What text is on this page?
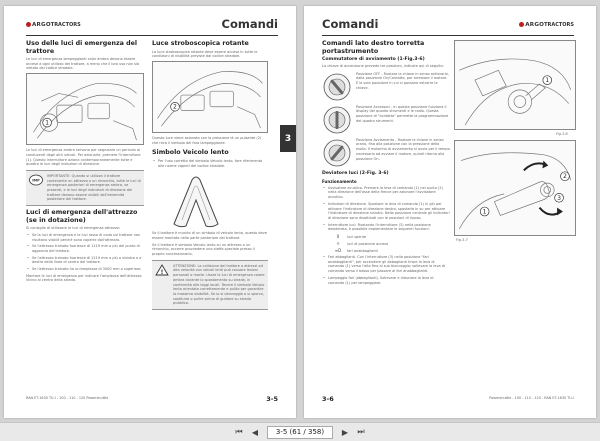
ARGOTRACTORS	Comandi
Uso delle luci di emergenza del trattore

Le luci di emergenza lampeggianti color ambra devono essere accese a ogni utilizzo del trattore, a meno che il loro uso non sia vietato dal codice stradale.

1

Le luci di emergenza ambra servono per segnalare un pericolo ai conducenti degli altri veicoli. Per azionarle, premere l'interruttore (1). Questo interruttore aziona contemporaneamente tutte e quattro le luci degli indicatori di direzione.

IMP

IMPORTANTE: Quando si utilizza il trattore contenente un attrezzo o un rimorchio, tutte le luci di emergenza posteriori di emergenza ambra, se presenti, e le luci degli indicatori di direzione del trattore devono essere visibili dall'estremità posteriore del trattore.

Luci di emergenza dell'attrezzo (se in dotazione)

Si consiglia di utilizzare le luci di emergenza attrezzo:

• Se la luci di emergenza e le luci rossa di coda sul trattore non risultano visibili perché sono coperte dall'attrezzo.
• Se l'attrezzo trainato fuoriesce di 1219 mm o più dal punto di aggancio del trattore.
• Se l'attrezzo trainato fuoriesce di 1219 mm o più a sinistra o a destra della linea di centro del trattore.
• Se l'attrezzo trainato ha un'ampiezza di 3000 mm o superiore.

Montare le luci di emergenza per indicare l'ampiezza dell'attrezzo. Vicino al centro della strada.

Luce stroboscopica rotante

La luce stroboscopica rotante deve essere accesa in tutte le condizioni di visibilità previste dal codice stradale.

2

Questa luce viene azionata con la pressione di un pulsante (2) che reca il simbolo del faro lampeggiante.

Simbolo Veicolo lento
• Per l'uso corretto del simbolo Veicolo lento, fare riferimento alle norme vigenti del codice stradale.

Se il trattore è munito di un simbolo di veicolo lento, questo deve essere montato nella parte posteriore del trattore.

Se il trattore è simbolo Veicolo lento su un attrezzo o un rimorchio, occorre provvedere una staffa speciale presso il proprio concessionario.

!

ATTENZIONE: La collisione del trattore o attrezzi ad alta velocità con veicoli lenti può causare lesioni personali o morte. Usare le luci di emergenza colore ambra durante lo spostamento su strada, in conformità alle leggi locali. Tenere il simbolo Veicolo lento orientato correttamente e pulito per garantire la massima visibilità. Se lo si danneggia o si sporca, sostituire o pulire prima di guidare su strada pubblica.

3
RAN ET-1630 TU-I - 100 - 110 - 120 Powershuttle	3-5
Comandi	ARGOTRACTORS
Comandi lato destro torretta portastrumento
Commutatore di avviamento (1-Fig.3-6)

La chiave di accensione prevede tre posizioni, indicate qui di seguito:

Posizione OFF - Ruotare la chiave in senso antiorario, dalla posizione On/Contatto, per arrestare il motore. È la sola posizione in cui si possono estrarre la chiave.

Posizione Accessori - In questa posizione funziona il display del quadro strumenti e le radio. Questa posizione di "contatto" permette la programmazione del quadro strumenti.

Posizione Avviamento - Ruotare la chiave in senso orario, fino alla posizione con la pressione della molla. Il motorino di avviamento si avvia per il tempo necessario ad avviare il motore, quindi ritorna alla posizione On.

Deviatore luci (2-Fig. 3-6)
Funzionamento
• Avvisatore acustico. Premere la leva di comando (1) nel punto (2) nella direzione dell'asse della frecce per azionare l'avvisatore acustico.
• Indicatori di direzione. Spostare la leva di comando (1) in giù per attivare l'indicatore di direzione destro, spostarla in su per attivare l'indicatore di direzione sinistro. Nella posizione centrale gli indicatori di direzione sono disattivati con le posizioni di riposo.
• Interruttore luci. Ruotando l'interruttore (3) nella posizione desiderata, è possibile implementare le seguenti funzioni:
0	luci spente
☼	luci di posizione accese
≡D	fari anabbaglianti
• Fari abbaglianti. Con l'interruttore (3) nella posizione "fari anabbaglianti", per accendere gli abbaglianti tirare la leva di comando (1) verso l'alto fino al suo bloccaggio; sollevare la leva di comando verso il basso per passare ai fari anabbaglianti.
• Lampeggio fari (abbaglianti). Sollevare e rilasciare la leva di comando (1) per lampeggiare.
1
Fig.3-6
1
2
3
Fig.3-7
Powershuttle - 100 - 110 - 120 - RAN ET-1630 TU-I
3-6
⏮	◀	3-5 (61 / 358)	▶	⏭
